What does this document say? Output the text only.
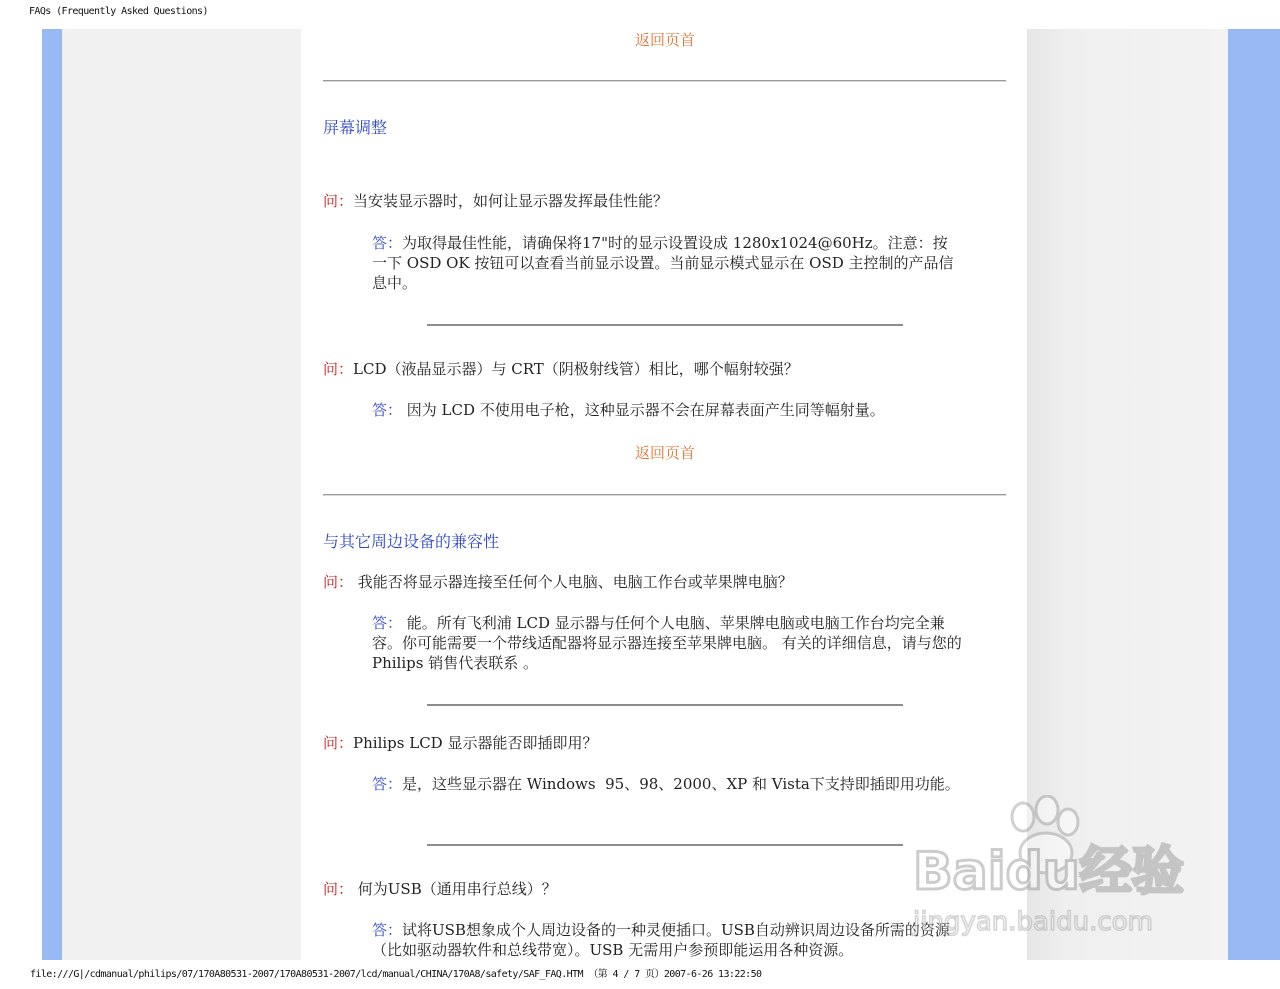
FAQs (Frequently Asked Questions)
返回页首
屏幕调整
问：当安装显示器时，如何让显示器发挥最佳性能？
答：为取得最佳性能，请确保将17"时的显示设置设成 1280x1024@60Hz。注意：按一下 OSD OK 按钮可以查看当前显示设置。当前显示模式显示在 OSD 主控制的产品信息中。
问：LCD（液晶显示器）与 CRT（阴极射线管）相比，哪个幅射较强？
答： 因为 LCD 不使用电子枪，这种显示器不会在屏幕表面产生同等幅射量。
返回页首
与其它周边设备的兼容性
问： 我能否将显示器连接至任何个人电脑、电脑工作台或苹果牌电脑？
答： 能。所有飞利浦 LCD 显示器与任何个人电脑、苹果牌电脑或电脑工作台均完全兼容。你可能需要一个带线适配器将显示器连接至苹果牌电脑。 有关的详细信息，请与您的 Philips 销售代表联系 。
问：Philips LCD 显示器能否即插即用？
答：是，这些显示器在 Windows  95、98、2000、XP 和 Vista下支持即插即用功能。
问： 何为USB（通用串行总线）？
答：试将USB想象成个人周边设备的一种灵便插口。USB自动辨识周边设备所需的资源（比如驱动器软件和总线带宽）。USB 无需用户参预即能运用各种资源。
Baidu经验
jingyan.baidu.com
file:///G|/cdmanual/philips/07/170A80531-2007/170A80531-2007/lcd/manual/CHINA/170A8/safety/SAF_FAQ.HTM （第 4 / 7 页）2007-6-26 13:22:50
